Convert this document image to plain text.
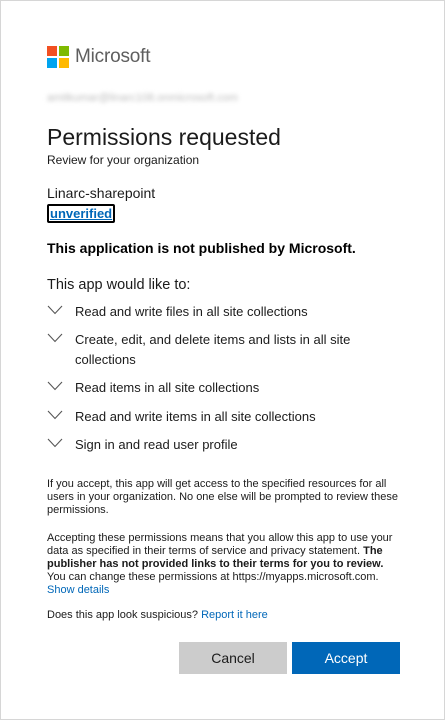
Microsoft
amitkumar@linarc108.onmicrosoft.com
Permissions requested
Review for your organization
Linarc-sharepoint
unverified
This application is not published by Microsoft.
This app would like to:
Read and write files in all site collections
Create, edit, and delete items and lists in all site collections
Read items in all site collections
Read and write items in all site collections
Sign in and read user profile
If you accept, this app will get access to the specified resources for all users in your organization. No one else will be prompted to review these permissions.
Accepting these permissions means that you allow this app to use your data as specified in their terms of service and privacy statement. The publisher has not provided links to their terms for you to review. You can change these permissions at https://myapps.microsoft.com. Show details
Does this app look suspicious? Report it here
Cancel	Accept
